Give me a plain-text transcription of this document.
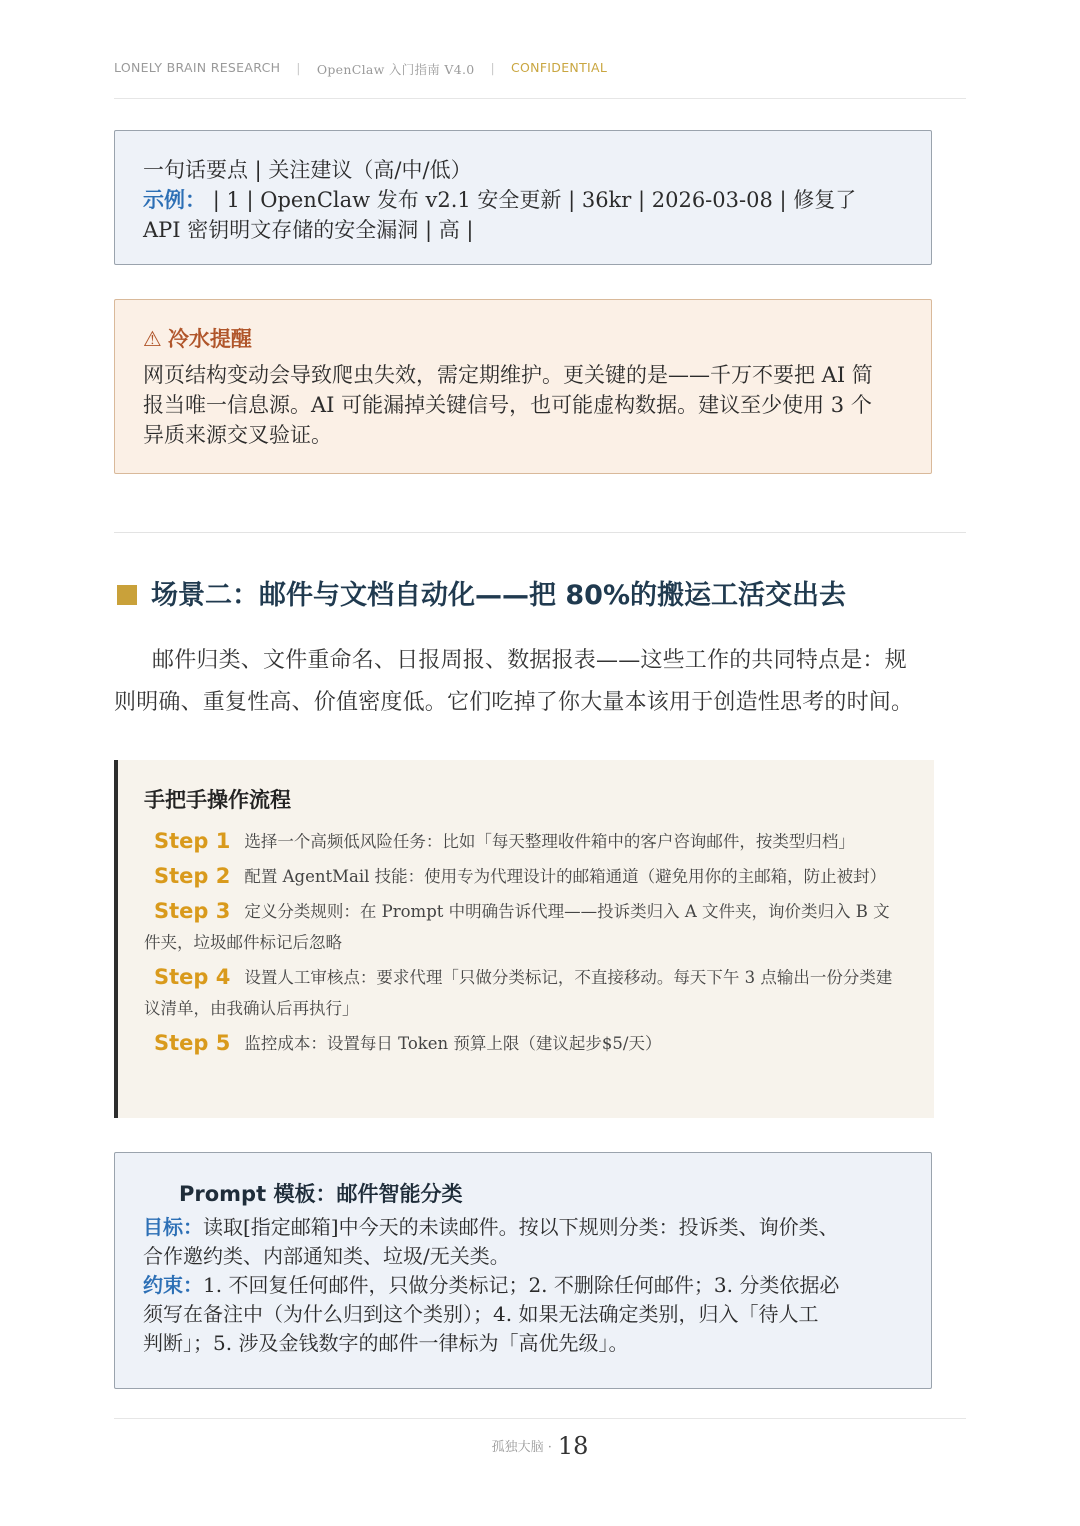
LONELY BRAIN RESEARCH | OpenClaw 入门指南 V4.0 | CONFIDENTIAL
一句话要点 | 关注建议（高/中/低）
示例： | 1 | OpenClaw 发布 v2.1 安全更新 | 36kr | 2026-03-08 | 修复了
API 密钥明文存储的安全漏洞 | 高 |
⚠ 冷水提醒
网页结构变动会导致爬虫失效，需定期维护。更关键的是——千万不要把 AI 简
报当唯一信息源。AI 可能漏掉关键信号，也可能虚构数据。建议至少使用 3 个
异质来源交叉验证。
场景二：邮件与文档自动化——把 80%的搬运工活交出去
邮件归类、文件重命名、日报周报、数据报表——这些工作的共同特点是：规
则明确、重复性高、价值密度低。它们吃掉了你大量本该用于创造性思考的时间。
手把手操作流程
Step 1 选择一个高频低风险任务：比如「每天整理收件箱中的客户咨询邮件，按类型归档」
Step 2 配置 AgentMail 技能：使用专为代理设计的邮箱通道（避免用你的主邮箱，防止被封）
Step 3 定义分类规则：在 Prompt 中明确告诉代理——投诉类归入 A 文件夹，询价类归入 B 文件夹，垃圾邮件标记后忽略
Step 4 设置人工审核点：要求代理「只做分类标记，不直接移动。每天下午 3 点输出一份分类建议清单，由我确认后再执行」
Step 5 监控成本：设置每日 Token 预算上限（建议起步$5/天）
Prompt 模板：邮件智能分类
目标：读取[指定邮箱]中今天的未读邮件。按以下规则分类：投诉类、询价类、
合作邀约类、内部通知类、垃圾/无关类。
约束：1. 不回复任何邮件，只做分类标记；2. 不删除任何邮件；3. 分类依据必
须写在备注中（为什么归到这个类别）；4. 如果无法确定类别，归入「待人工
判断」；5. 涉及金钱数字的邮件一律标为「高优先级」。
孤独大脑 · 18
